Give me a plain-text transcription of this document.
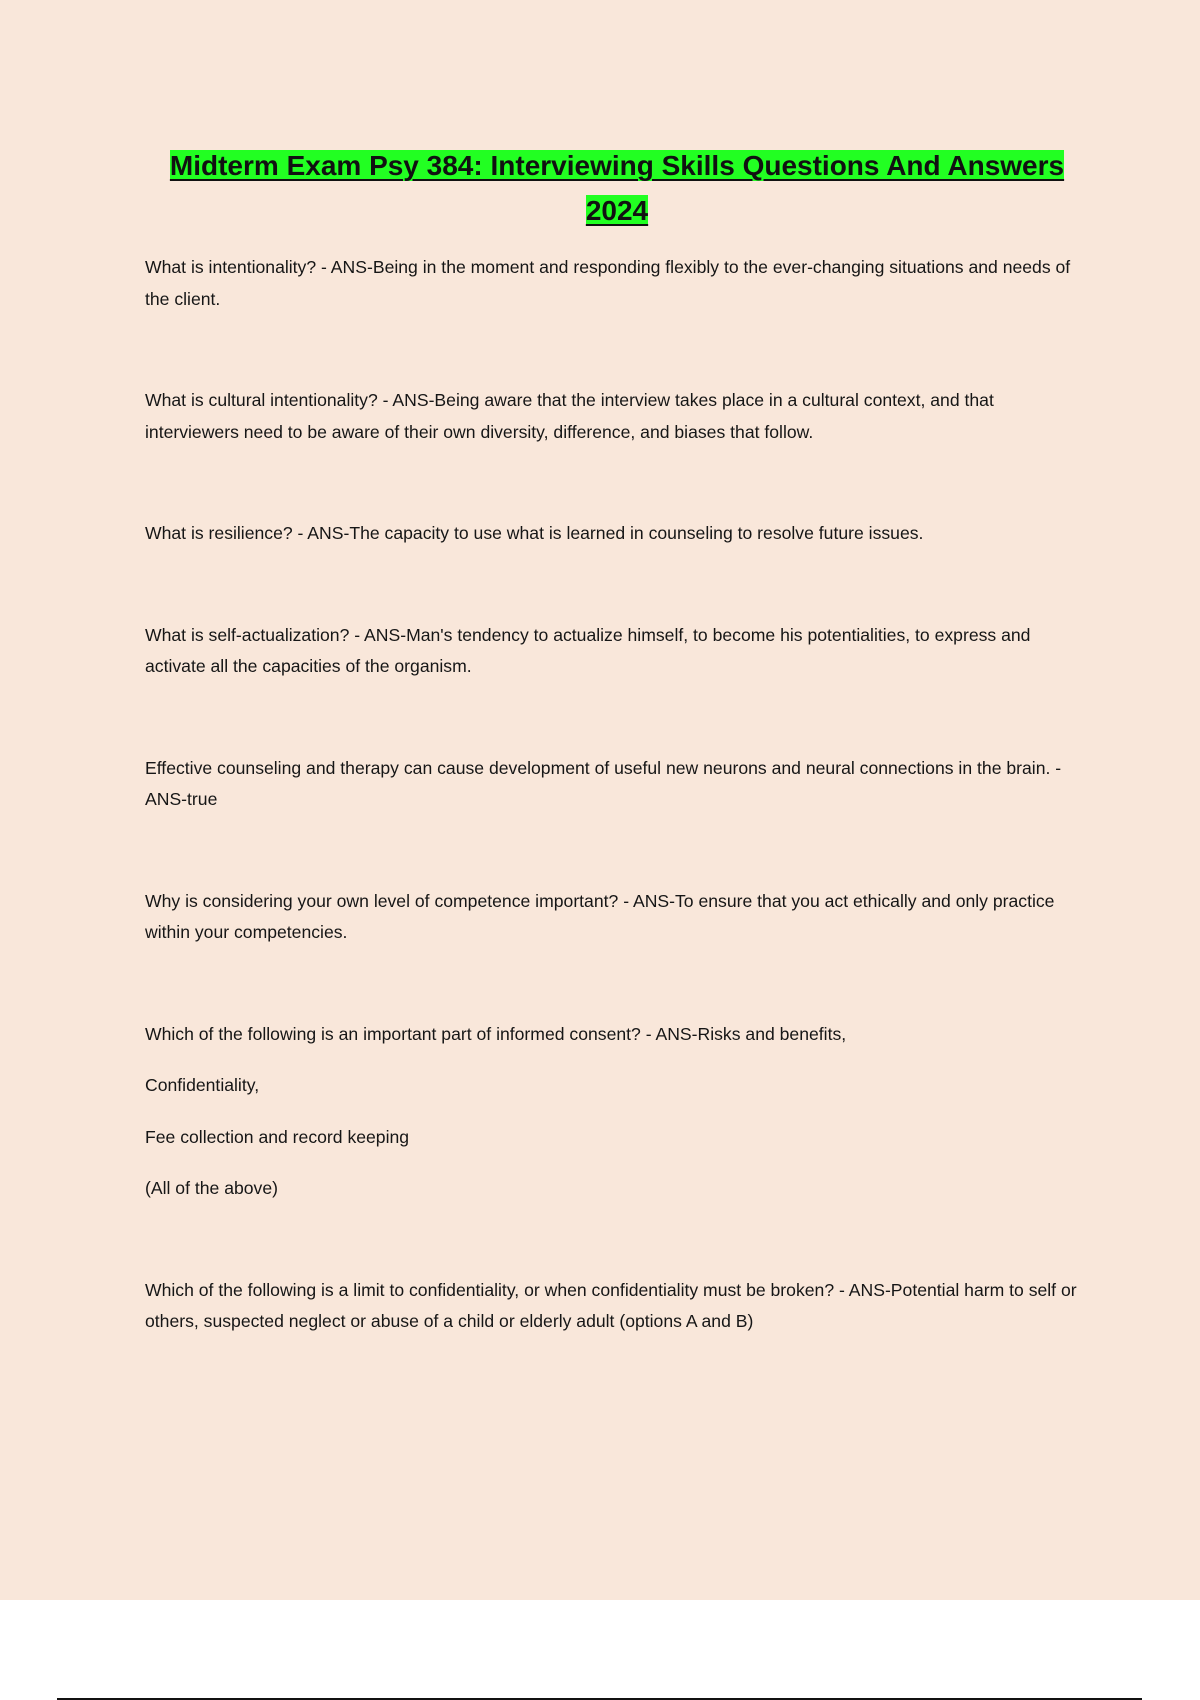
Midterm Exam Psy 384: Interviewing Skills Questions And Answers
2024

What is intentionality? - ANS-Being in the moment and responding flexibly to the ever-changing situations and needs of the client.

What is cultural intentionality? - ANS-Being aware that the interview takes place in a cultural context, and that interviewers need to be aware of their own diversity, difference, and biases that follow.

What is resilience? - ANS-The capacity to use what is learned in counseling to resolve future issues.

What is self-actualization? - ANS-Man's tendency to actualize himself, to become his potentialities, to express and activate all the capacities of the organism.

Effective counseling and therapy can cause development of useful new neurons and neural connections in the brain. - ANS-true

Why is considering your own level of competence important? - ANS-To ensure that you act ethically and only practice within your competencies.

Which of the following is an important part of informed consent? - ANS-Risks and benefits,

Confidentiality,

Fee collection and record keeping

(All of the above)

Which of the following is a limit to confidentiality, or when confidentiality must be broken? - ANS-Potential harm to self or others, suspected neglect or abuse of a child or elderly adult (options A and B)
